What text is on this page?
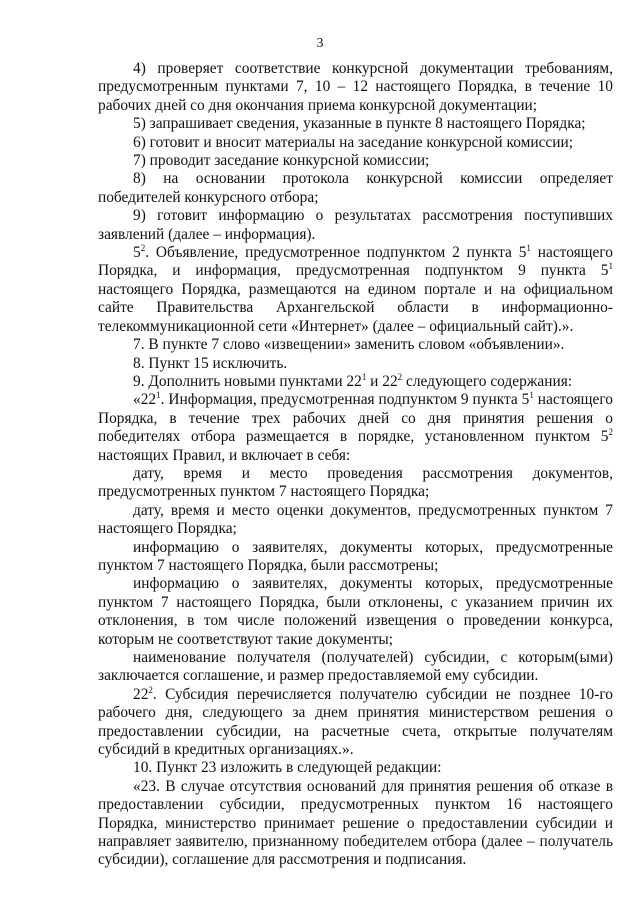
3

4) проверяет соответствие конкурсной документации требованиям, предусмотренным пунктами 7, 10 – 12 настоящего Порядка, в течение 10 рабочих дней со дня окончания приема конкурсной документации;

5) запрашивает сведения, указанные в пункте 8 настоящего Порядка;

6) готовит и вносит материалы на заседание конкурсной комиссии;

7) проводит заседание конкурсной комиссии;

8) на основании протокола конкурсной комиссии определяет победителей конкурсного отбора;

9) готовит информацию о результатах рассмотрения поступивших заявлений (далее – информация).

$5^2$. Объявление, предусмотренное подпунктом 2 пункта $5^1$ настоящего Порядка, и информация, предусмотренная подпунктом 9 пункта $5^1$ настоящего Порядка, размещаются на едином портале и на официальном сайте Правительства Архангельской области в информационно-телекоммуникационной сети «Интернет» (далее – официальный сайт).».

7. В пункте 7 слово «извещении» заменить словом «объявлении».

8. Пункт 15 исключить.

9. Дополнить новыми пунктами $22^1$ и $22^2$ следующего содержания:

«$22^1$. Информация, предусмотренная подпунктом 9 пункта $5^1$ настоящего Порядка, в течение трех рабочих дней со дня принятия решения о победителях отбора размещается в порядке, установленном пунктом $5^2$ настоящих Правил, и включает в себя:

дату, время и место проведения рассмотрения документов, предусмотренных пунктом 7 настоящего Порядка;

дату, время и место оценки документов, предусмотренных пунктом 7 настоящего Порядка;

информацию о заявителях, документы которых, предусмотренные пунктом 7 настоящего Порядка, были рассмотрены;

информацию о заявителях, документы которых, предусмотренные пунктом 7 настоящего Порядка, были отклонены, с указанием причин их отклонения, в том числе положений извещения о проведении конкурса, которым не соответствуют такие документы;

наименование получателя (получателей) субсидии, с которым(ыми) заключается соглашение, и размер предоставляемой ему субсидии.

$22^2$. Субсидия перечисляется получателю субсидии не позднее 10-го рабочего дня, следующего за днем принятия министерством решения о предоставлении субсидии, на расчетные счета, открытые получателям субсидий в кредитных организациях.».

10. Пункт 23 изложить в следующей редакции:

«23. В случае отсутствия оснований для принятия решения об отказе в предоставлении субсидии, предусмотренных пунктом 16 настоящего Порядка, министерство принимает решение о предоставлении субсидии и направляет заявителю, признанному победителем отбора (далее – получатель субсидии), соглашение для рассмотрения и подписания.
